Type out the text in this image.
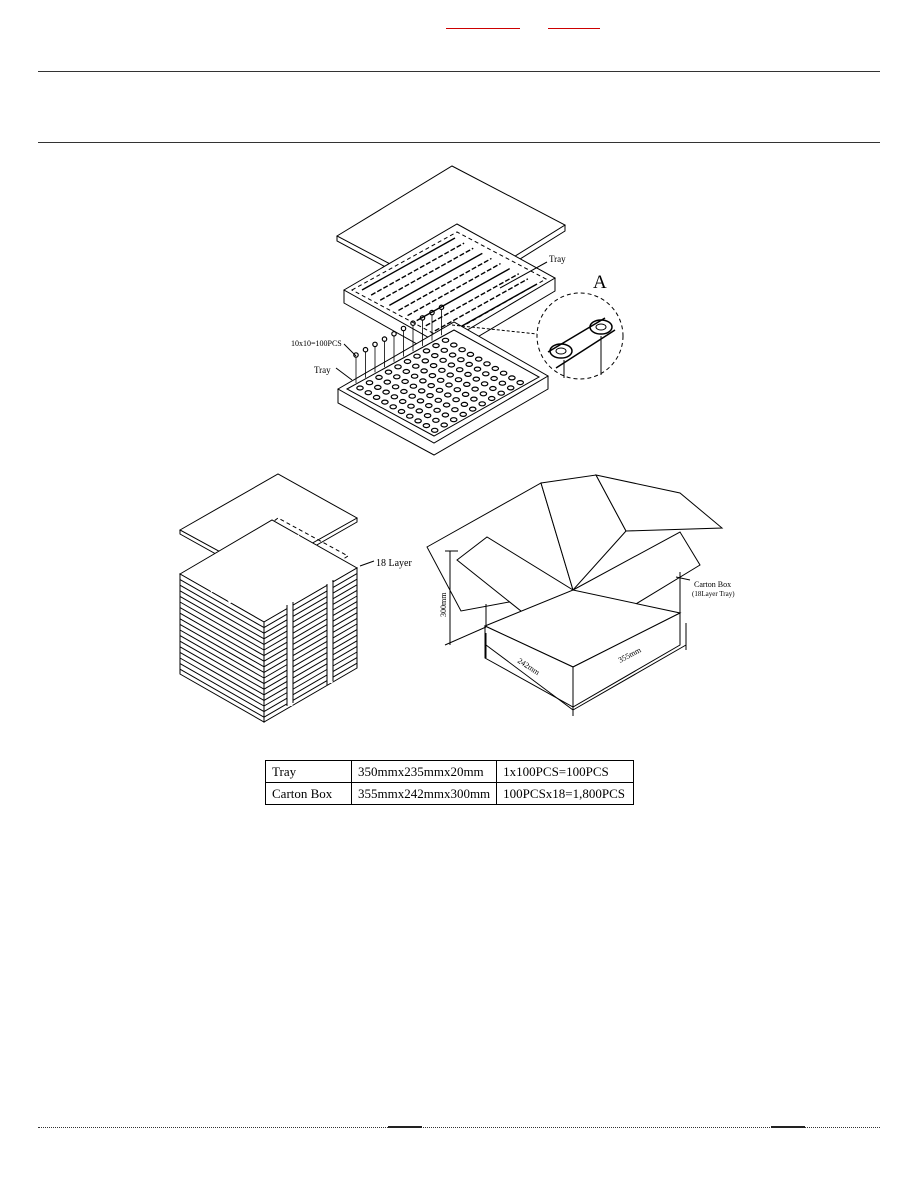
Tray
A
10x10=100PCS
Tray
18 Layer
Carton Box
(18Layer Tray)
300mm
242mm
355mm
Tray	350mmx235mmx20mm	1x100PCS=100PCS
Carton Box	355mmx242mmx300mm	100PCSx18=1,800PCS
